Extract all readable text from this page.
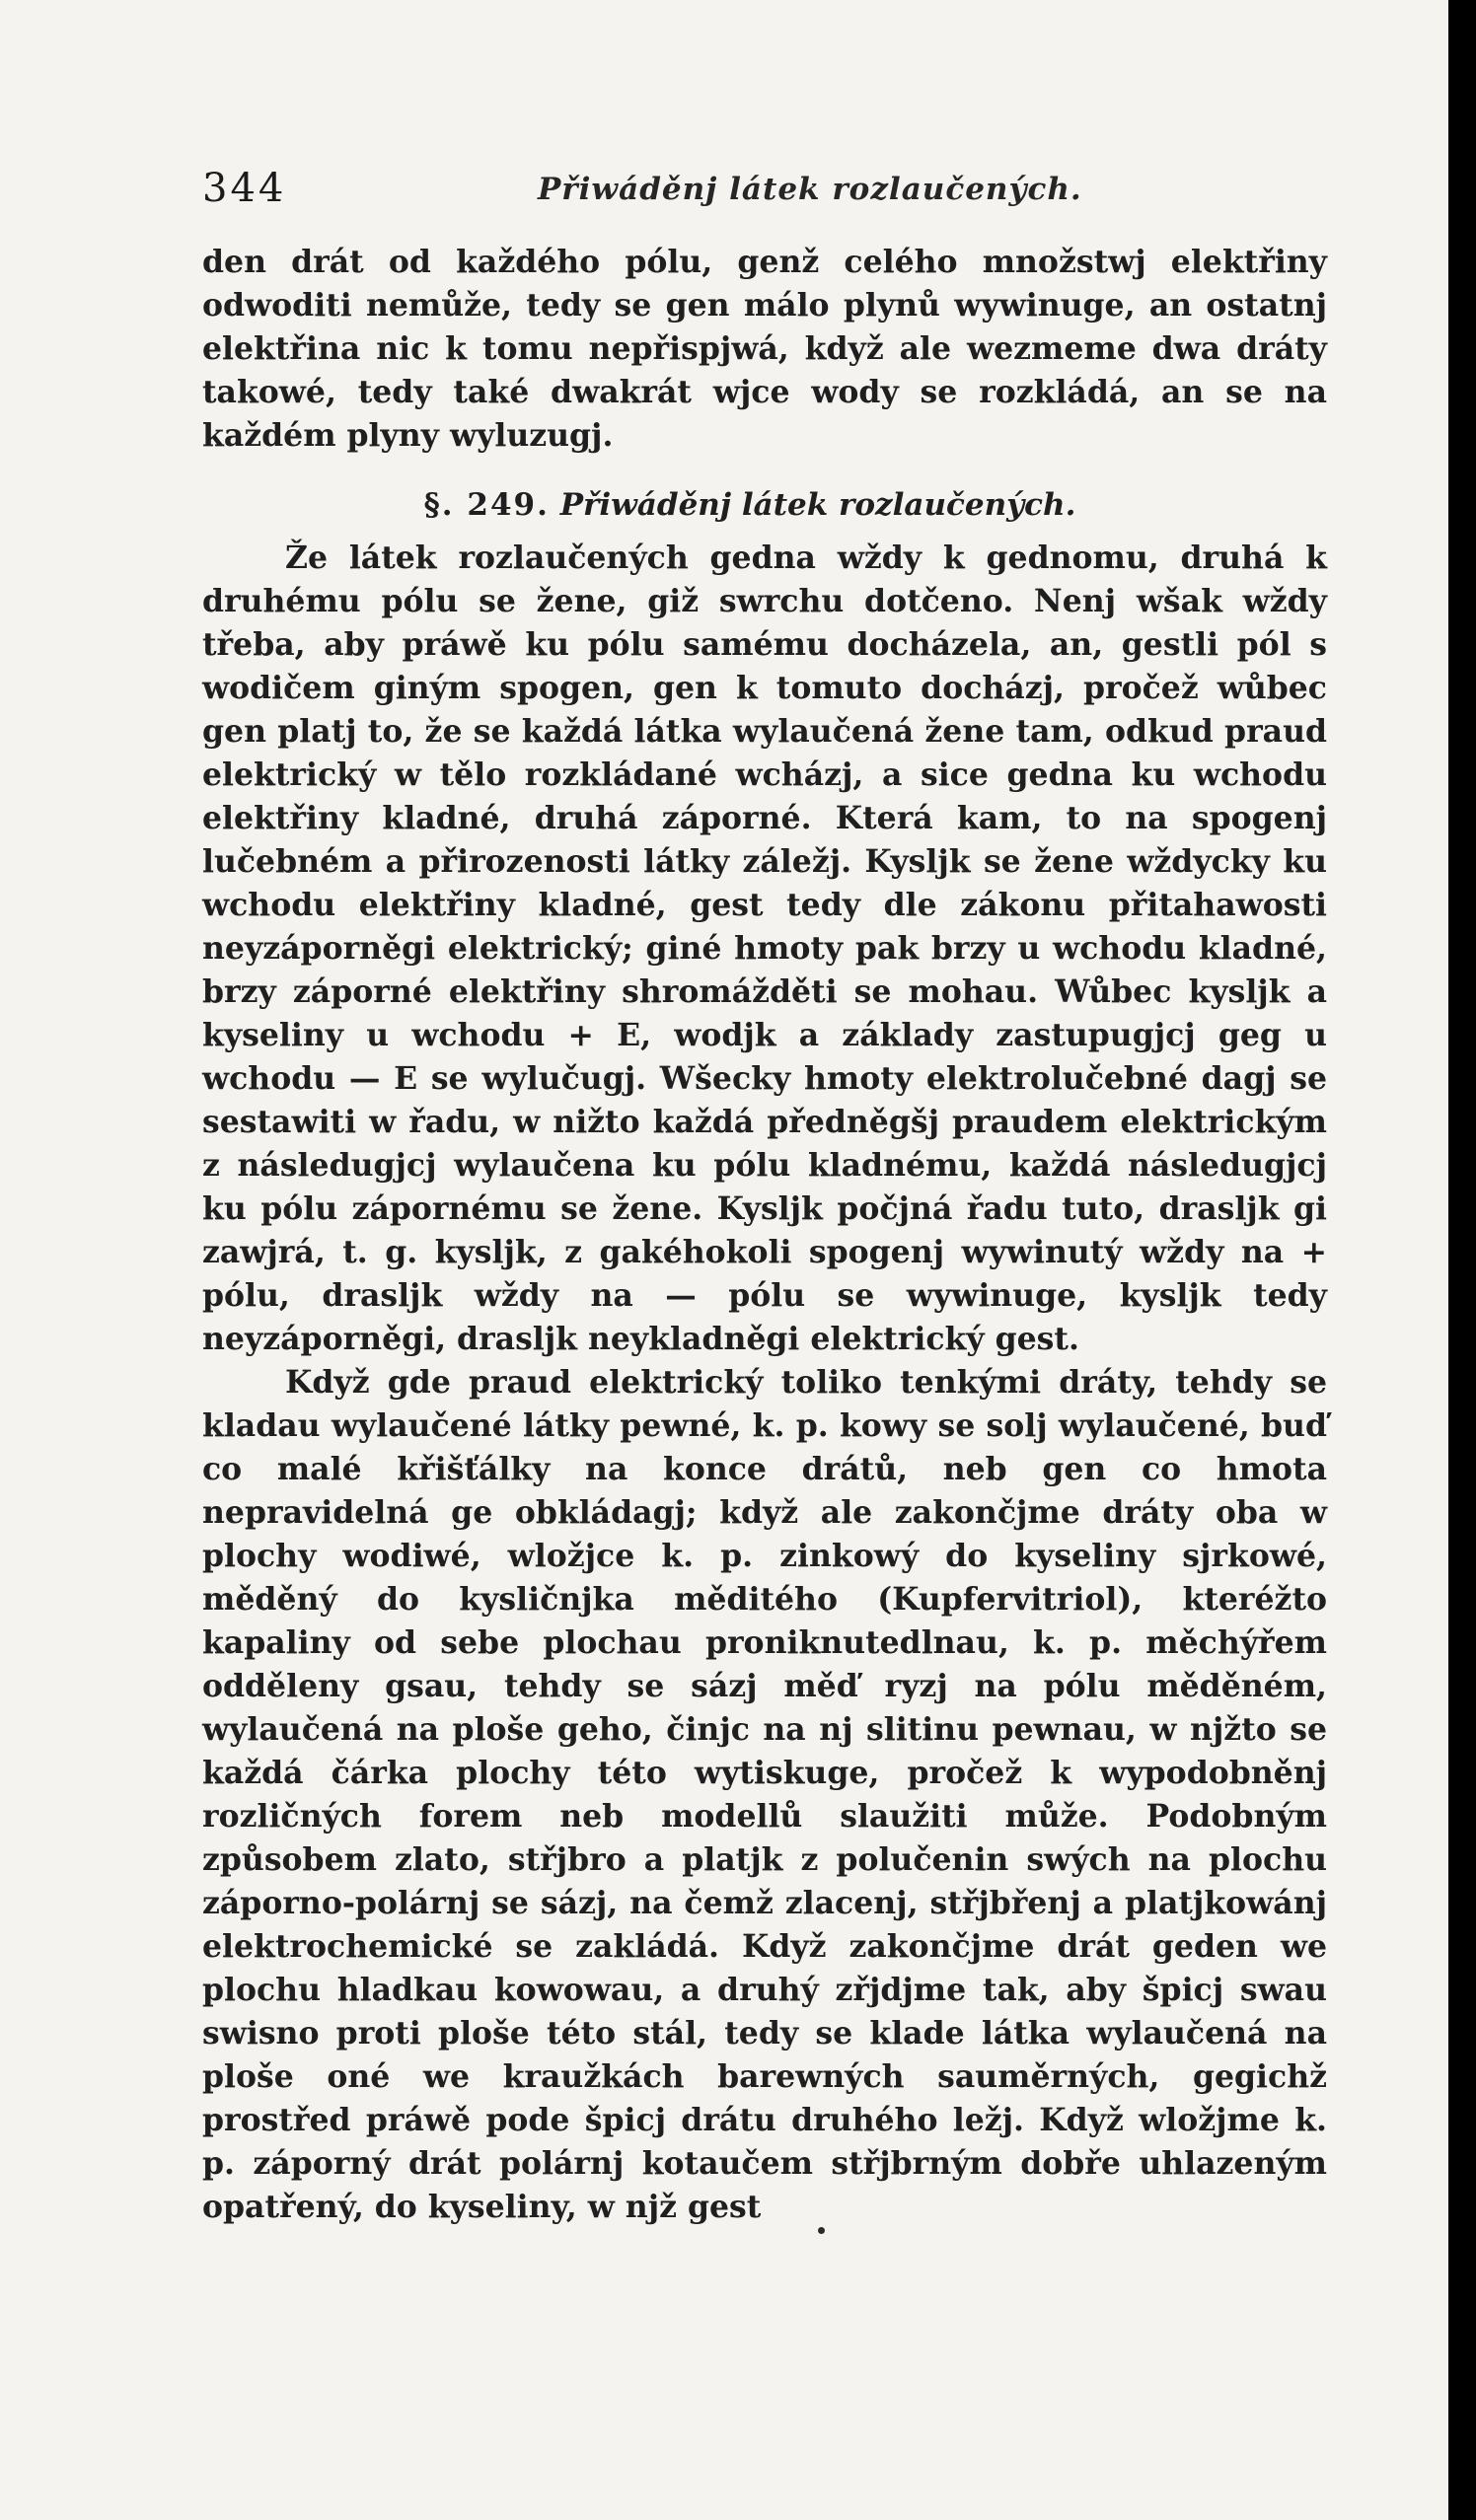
344	Přiwáděnj látek rozlaučených.

den drát od každého pólu, genž celého množstwj elektřiny odwoditi nemůže, tedy se gen málo plynů wywinuge, an ostatnj elektřina nic k tomu nepřispjwá, když ale wezmeme dwa dráty takowé, tedy také dwakrát wjce wody se rozkládá, an se na každém plyny wyluzugj.

§. 249. Přiwáděnj látek rozlaučených.

Že látek rozlaučených gedna wždy k gednomu, druhá k druhému pólu se žene, giž swrchu dotčeno. Nenj wšak wždy třeba, aby práwě ku pólu samému docházela, an, gestli pól s wodičem giným spogen, gen k tomuto docházj, pročež wůbec gen platj to, že se každá látka wylaučená žene tam, odkud praud elektrický w tělo rozkládané wcházj, a sice gedna ku wchodu elektřiny kladné, druhá záporné. Která kam, to na spogenj lučebném a přirozenosti látky záležj. Kysljk se žene wždycky ku wchodu elektřiny kladné, gest tedy dle zákonu přitahawosti neyzáporněgi elektrický; giné hmoty pak brzy u wchodu kladné, brzy záporné elektřiny shromážděti se mohau. Wůbec kysljk a kyseliny u wchodu + E, wodjk a základy zastupugjcj geg u wchodu — E se wylučugj. Wšecky hmoty elektrolučebné dagj se sestawiti w řadu, w nižto každá předněgšj praudem elektrickým z následugjcj wylaučena ku pólu kladnému, každá následugjcj ku pólu zápornému se žene. Kysljk počjná řadu tuto, drasljk gi zawjrá, t. g. kysljk, z gakéhokoli spogenj wywinutý wždy na + pólu, drasljk wždy na — pólu se wywinuge, kysljk tedy neyzáporněgi, drasljk neykladněgi elektrický gest.

Když gde praud elektrický toliko tenkými dráty, tehdy se kladau wylaučené látky pewné, k. p. kowy se solj wylaučené, buď co malé křišťálky na konce drátů, neb gen co hmota nepravidelná ge obkládagj; když ale zakončjme dráty oba w plochy wodiwé, wložjce k. p. zinkowý do kyseliny sjrkowé, měděný do kysličnjka měditého (Kupfervitriol), kteréžto kapaliny od sebe plochau proniknutedlnau, k. p. měchýřem odděleny gsau, tehdy se sázj měď ryzj na pólu měděném, wylaučená na ploše geho, činjc na nj slitinu pewnau, w njžto se každá čárka plochy této wytiskuge, pročež k wypodobněnj rozličných forem neb modellů slaužiti může. Podobným způsobem zlato, střjbro a platjk z polučenin swých na plochu záporno-polárnj se sázj, na čemž zlacenj, střjbřenj a platjkowánj elektrochemické se zakládá. Když zakončjme drát geden we plochu hladkau kowowau, a druhý zřjdjme tak, aby špicj swau swisno proti ploše této stál, tedy se klade látka wylaučená na ploše oné we kraužkách barewných sauměrných, gegichž prostřed práwě pode špicj drátu druhého ležj. Když wložjme k. p. záporný drát polárnj kotaučem střjbrným dobře uhlazeným opatřený, do kyseliny, w njž gest
